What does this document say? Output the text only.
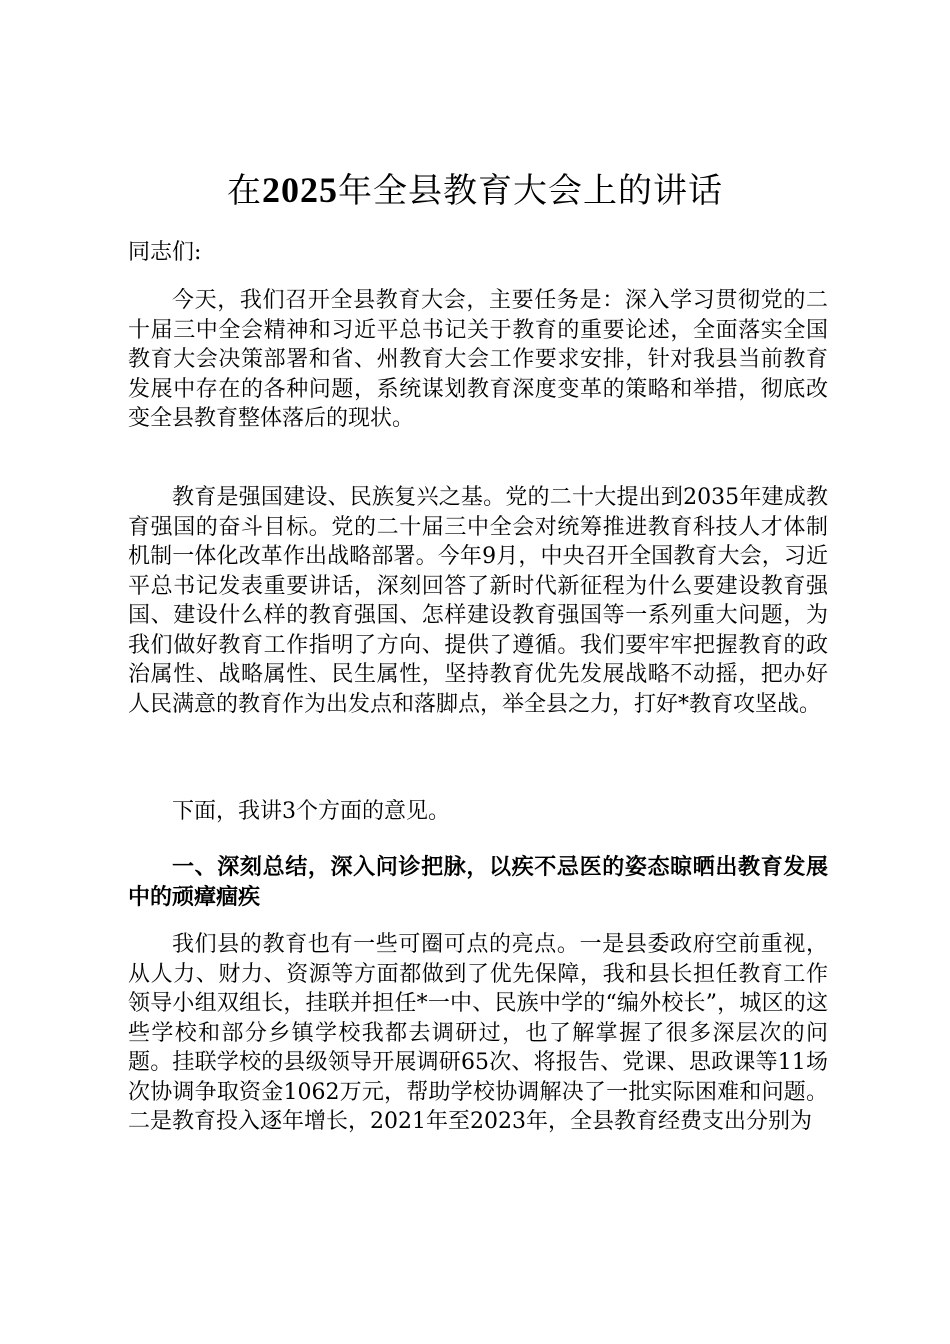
在2025年全县教育大会上的讲话
同志们:

今天，我们召开全县教育大会，主要任务是：深入学习贯彻党的二十届三中全会精神和习近平总书记关于教育的重要论述，全面落实全国教育大会决策部署和省、州教育大会工作要求安排，针对我县当前教育发展中存在的各种问题，系统谋划教育深度变革的策略和举措，彻底改变全县教育整体落后的现状。

教育是强国建设、民族复兴之基。党的二十大提出到2035年建成教育强国的奋斗目标。党的二十届三中全会对统筹推进教育科技人才体制机制一体化改革作出战略部署。今年9月，中央召开全国教育大会，习近平总书记发表重要讲话，深刻回答了新时代新征程为什么要建设教育强国、建设什么样的教育强国、怎样建设教育强国等一系列重大问题，为我们做好教育工作指明了方向、提供了遵循。我们要牢牢把握教育的政治属性、战略属性、民生属性，坚持教育优先发展战略不动摇，把办好人民满意的教育作为出发点和落脚点，举全县之力，打好*教育攻坚战。

下面，我讲3个方面的意见。

一、深刻总结，深入问诊把脉，以疾不忌医的姿态晾晒出教育发展中的顽瘴痼疾

我们县的教育也有一些可圈可点的亮点。一是县委政府空前重视，从人力、财力、资源等方面都做到了优先保障，我和县长担任教育工作领导小组双组长，挂联并担任*一中、民族中学的“编外校长”，城区的这些学校和部分乡镇学校我都去调研过，也了解掌握了很多深层次的问题。挂联学校的县级领导开展调研65次、将报告、党课、思政课等11场次协调争取资金1062万元，帮助学校协调解决了一批实际困难和问题。二是教育投入逐年增长，2021年至2023年，全县教育经费支出分别为
